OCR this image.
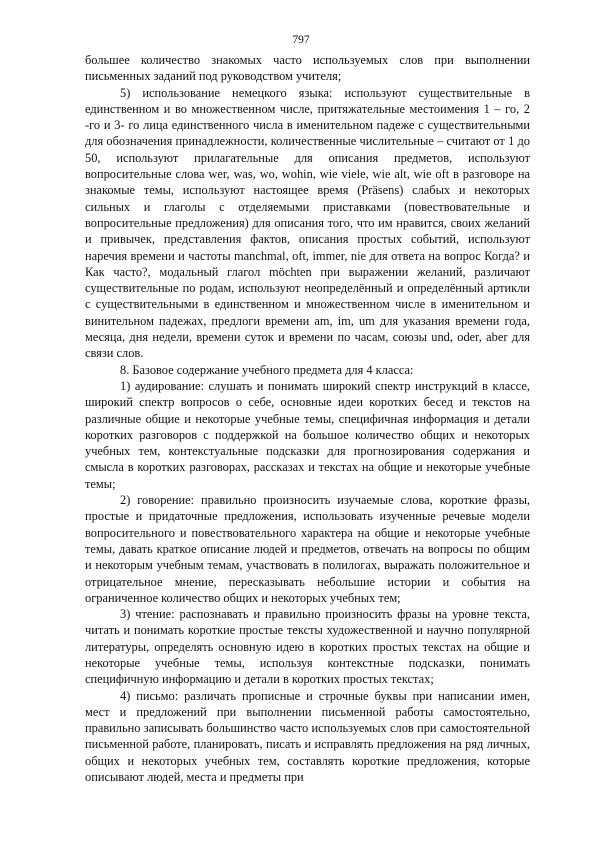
797

большее количество знакомых часто используемых слов при выполнении письменных заданий под руководством учителя;

5) использование немецкого языка: используют существительные в единственном и во множественном числе, притяжательные местоимения 1 – го, 2 -го и 3- го лица единственного числа в именительном падеже с существительными для обозначения принадлежности, количественные числительные – считают от 1 до 50, используют прилагательные для описания предметов, используют вопросительные слова wer, was, wo, wohin, wie viele, wie alt, wie oft в разговоре на знакомые темы, используют настоящее время (Präsens) слабых и некоторых сильных и глаголы с отделяемыми приставками (повествовательные и вопросительные предложения) для описания того, что им нравится, своих желаний и привычек, представления фактов, описания простых событий, используют наречия времени и частоты manchmal, oft, immer, nie для ответа на вопрос Когда? и Как часто?, модальный глагол möchten при выражении желаний, различают существительные по родам, используют неопределённый и определённый артикли с существительными в единственном и множественном числе в именительном и винительном падежах, предлоги времени am, im, um для указания времени года, месяца, дня недели, времени суток и времени по часам, союзы und, oder, aber для связи слов.

8. Базовое содержание учебного предмета для 4 класса:

1) аудирование: слушать и понимать широкий спектр инструкций в классе, широкий спектр вопросов о себе, основные идеи коротких бесед и текстов на различные общие и некоторые учебные темы, специфичная информация и детали коротких разговоров с поддержкой на большое количество общих и некоторых учебных тем, контекстуальные подсказки для прогнозирования содержания и смысла в коротких разговорах, рассказах и текстах на общие и некоторые учебные темы;

2) говорение: правильно произносить изучаемые слова, короткие фразы, простые и придаточные предложения, использовать изученные речевые модели вопросительного и повествовательного характера на общие и некоторые учебные темы, давать краткое описание людей и предметов, отвечать на вопросы по общим и некоторым учебным темам, участвовать в полилогах, выражать положительное и отрицательное мнение, пересказывать небольшие истории и события на ограниченное количество общих и некоторых учебных тем;

3) чтение: распознавать и правильно произносить фразы на уровне текста, читать и понимать короткие простые тексты художественной и научно популярной литературы, определять основную идею в коротких простых текстах на общие и некоторые учебные темы, используя контекстные подсказки, понимать специфичную информацию и детали в коротких простых текстах;

4) письмо: различать прописные и строчные буквы при написании имен, мест и предложений при выполнении письменной работы самостоятельно, правильно записывать большинство часто используемых слов при самостоятельной письменной работе, планировать, писать и исправлять предложения на ряд личных, общих и некоторых учебных тем, составлять короткие предложения, которые описывают людей, места и предметы при
